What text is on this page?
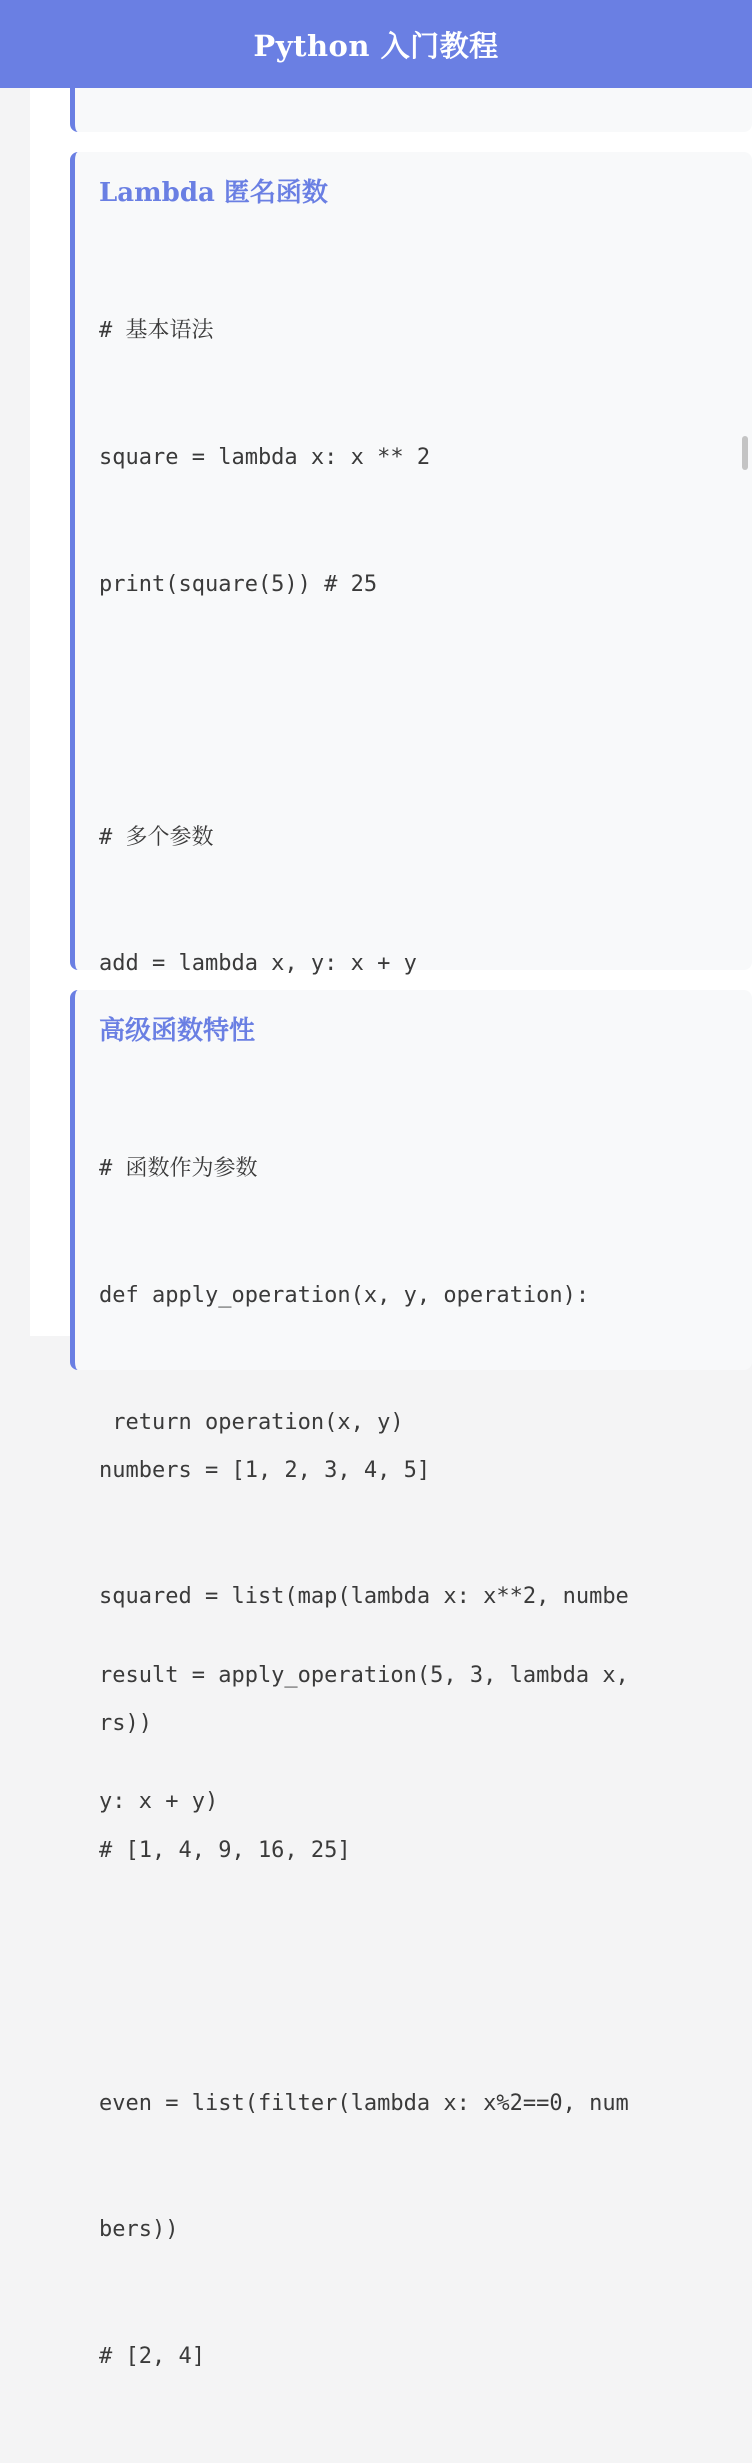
Lambda 匿名函数

# 基本语法

square = lambda x: x ** 2

print(square(5)) # 25

# 多个参数

add = lambda x, y: x + y

numbers = [1, 2, 3, 4, 5]

squared = list(map(lambda x: x**2, numbe

rs))

# [1, 4, 9, 16, 25]

even = list(filter(lambda x: x%2==0, num

bers))

# [2, 4]

高级函数特性

# 函数作为参数

def apply_operation(x, y, operation):

return operation(x, y)

result = apply_operation(5, 3, lambda x,

y: x + y)

Python 入门教程
